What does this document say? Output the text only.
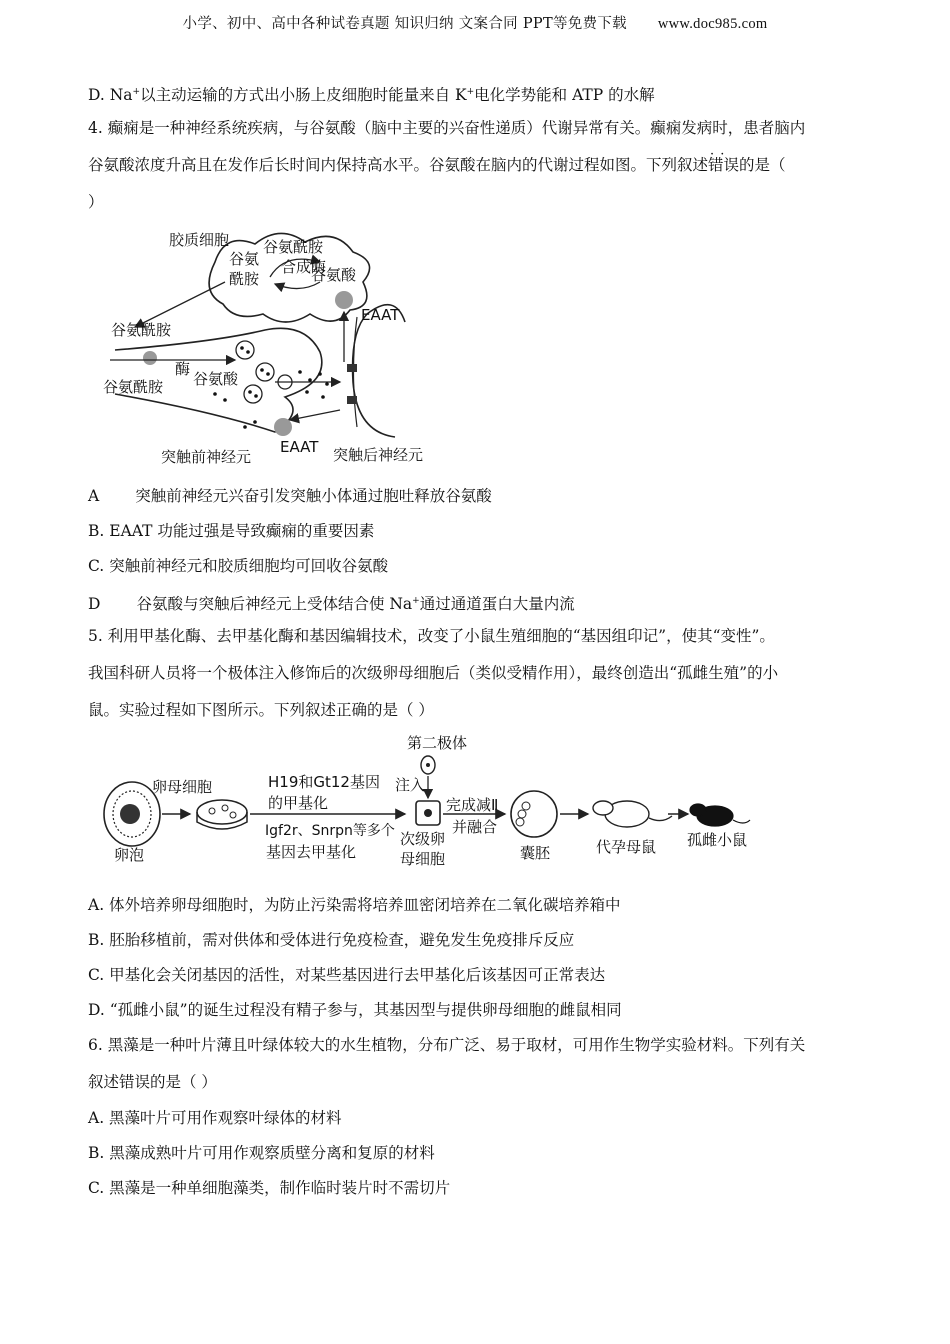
小学、初中、高中各种试卷真题 知识归纳 文案合同 PPT等免费下载 www.doc985.com
D. Na+以主动运输的方式出小肠上皮细胞时能量来自 K+电化学势能和 ATP 的水解
4. 癫痫是一种神经系统疾病，与谷氨酸（脑中主要的兴奋性递质）代谢异常有关。癫痫发病时，患者脑内
谷氨酸浓度升高且在发作后长时间内保持高水平。谷氨酸在脑内的代谢过程如图。下列叙述错误 · ·的是（
）
胶质细胞 谷氨酰胺
合成酶
谷氨酸
谷氨
酰胺
谷氨酰胺
EAAT
谷氨酰胺
酶
谷氨酸
EAAT
突触前神经元	突触后神经元
A 突触前神经元兴奋引发突触小体通过胞吐释放谷氨酸
B. EAAT 功能过强是导致癫痫的重要因素
C. 突触前神经元和胶质细胞均可回收谷氨酸
D 谷氨酸与突触后神经元上受体结合使 Na+通过通道蛋白大量内流
5. 利用甲基化酶、去甲基化酶和基因编辑技术，改变了小鼠生殖细胞的“基因组印记”，使其“变性”。
我国科研人员将一个极体注入修饰后的次级卵母细胞后（类似受精作用），最终创造出“孤雌生殖”的小
鼠。实验过程如下图所示。下列叙述正确的是（ ）
卵母细胞	H19和Gt12基因
的甲基化
Igf2r、Snrpn等多个
基因去甲基化
第二极体
注入
完成减Ⅱ
并融合
卵泡
次级卵
母细胞	囊胚	代孕母鼠 孤雌小鼠
A. 体外培养卵母细胞时，为防止污染需将培养皿密闭培养在二氧化碳培养箱中
B. 胚胎移植前，需对供体和受体进行免疫检查，避免发生免疫排斥反应
C. 甲基化会关闭基因的活性，对某些基因进行去甲基化后该基因可正常表达
D. “孤雌小鼠”的诞生过程没有精子参与，其基因型与提供卵母细胞的雌鼠相同
6. 黑藻是一种叶片薄且叶绿体较大的水生植物，分布广泛、易于取材，可用作生物学实验材料。下列有关
叙述错误的是（ ）
A. 黑藻叶片可用作观察叶绿体的材料
B. 黑藻成熟叶片可用作观察质壁分离和复原的材料
C. 黑藻是一种单细胞藻类，制作临时装片时不需切片
